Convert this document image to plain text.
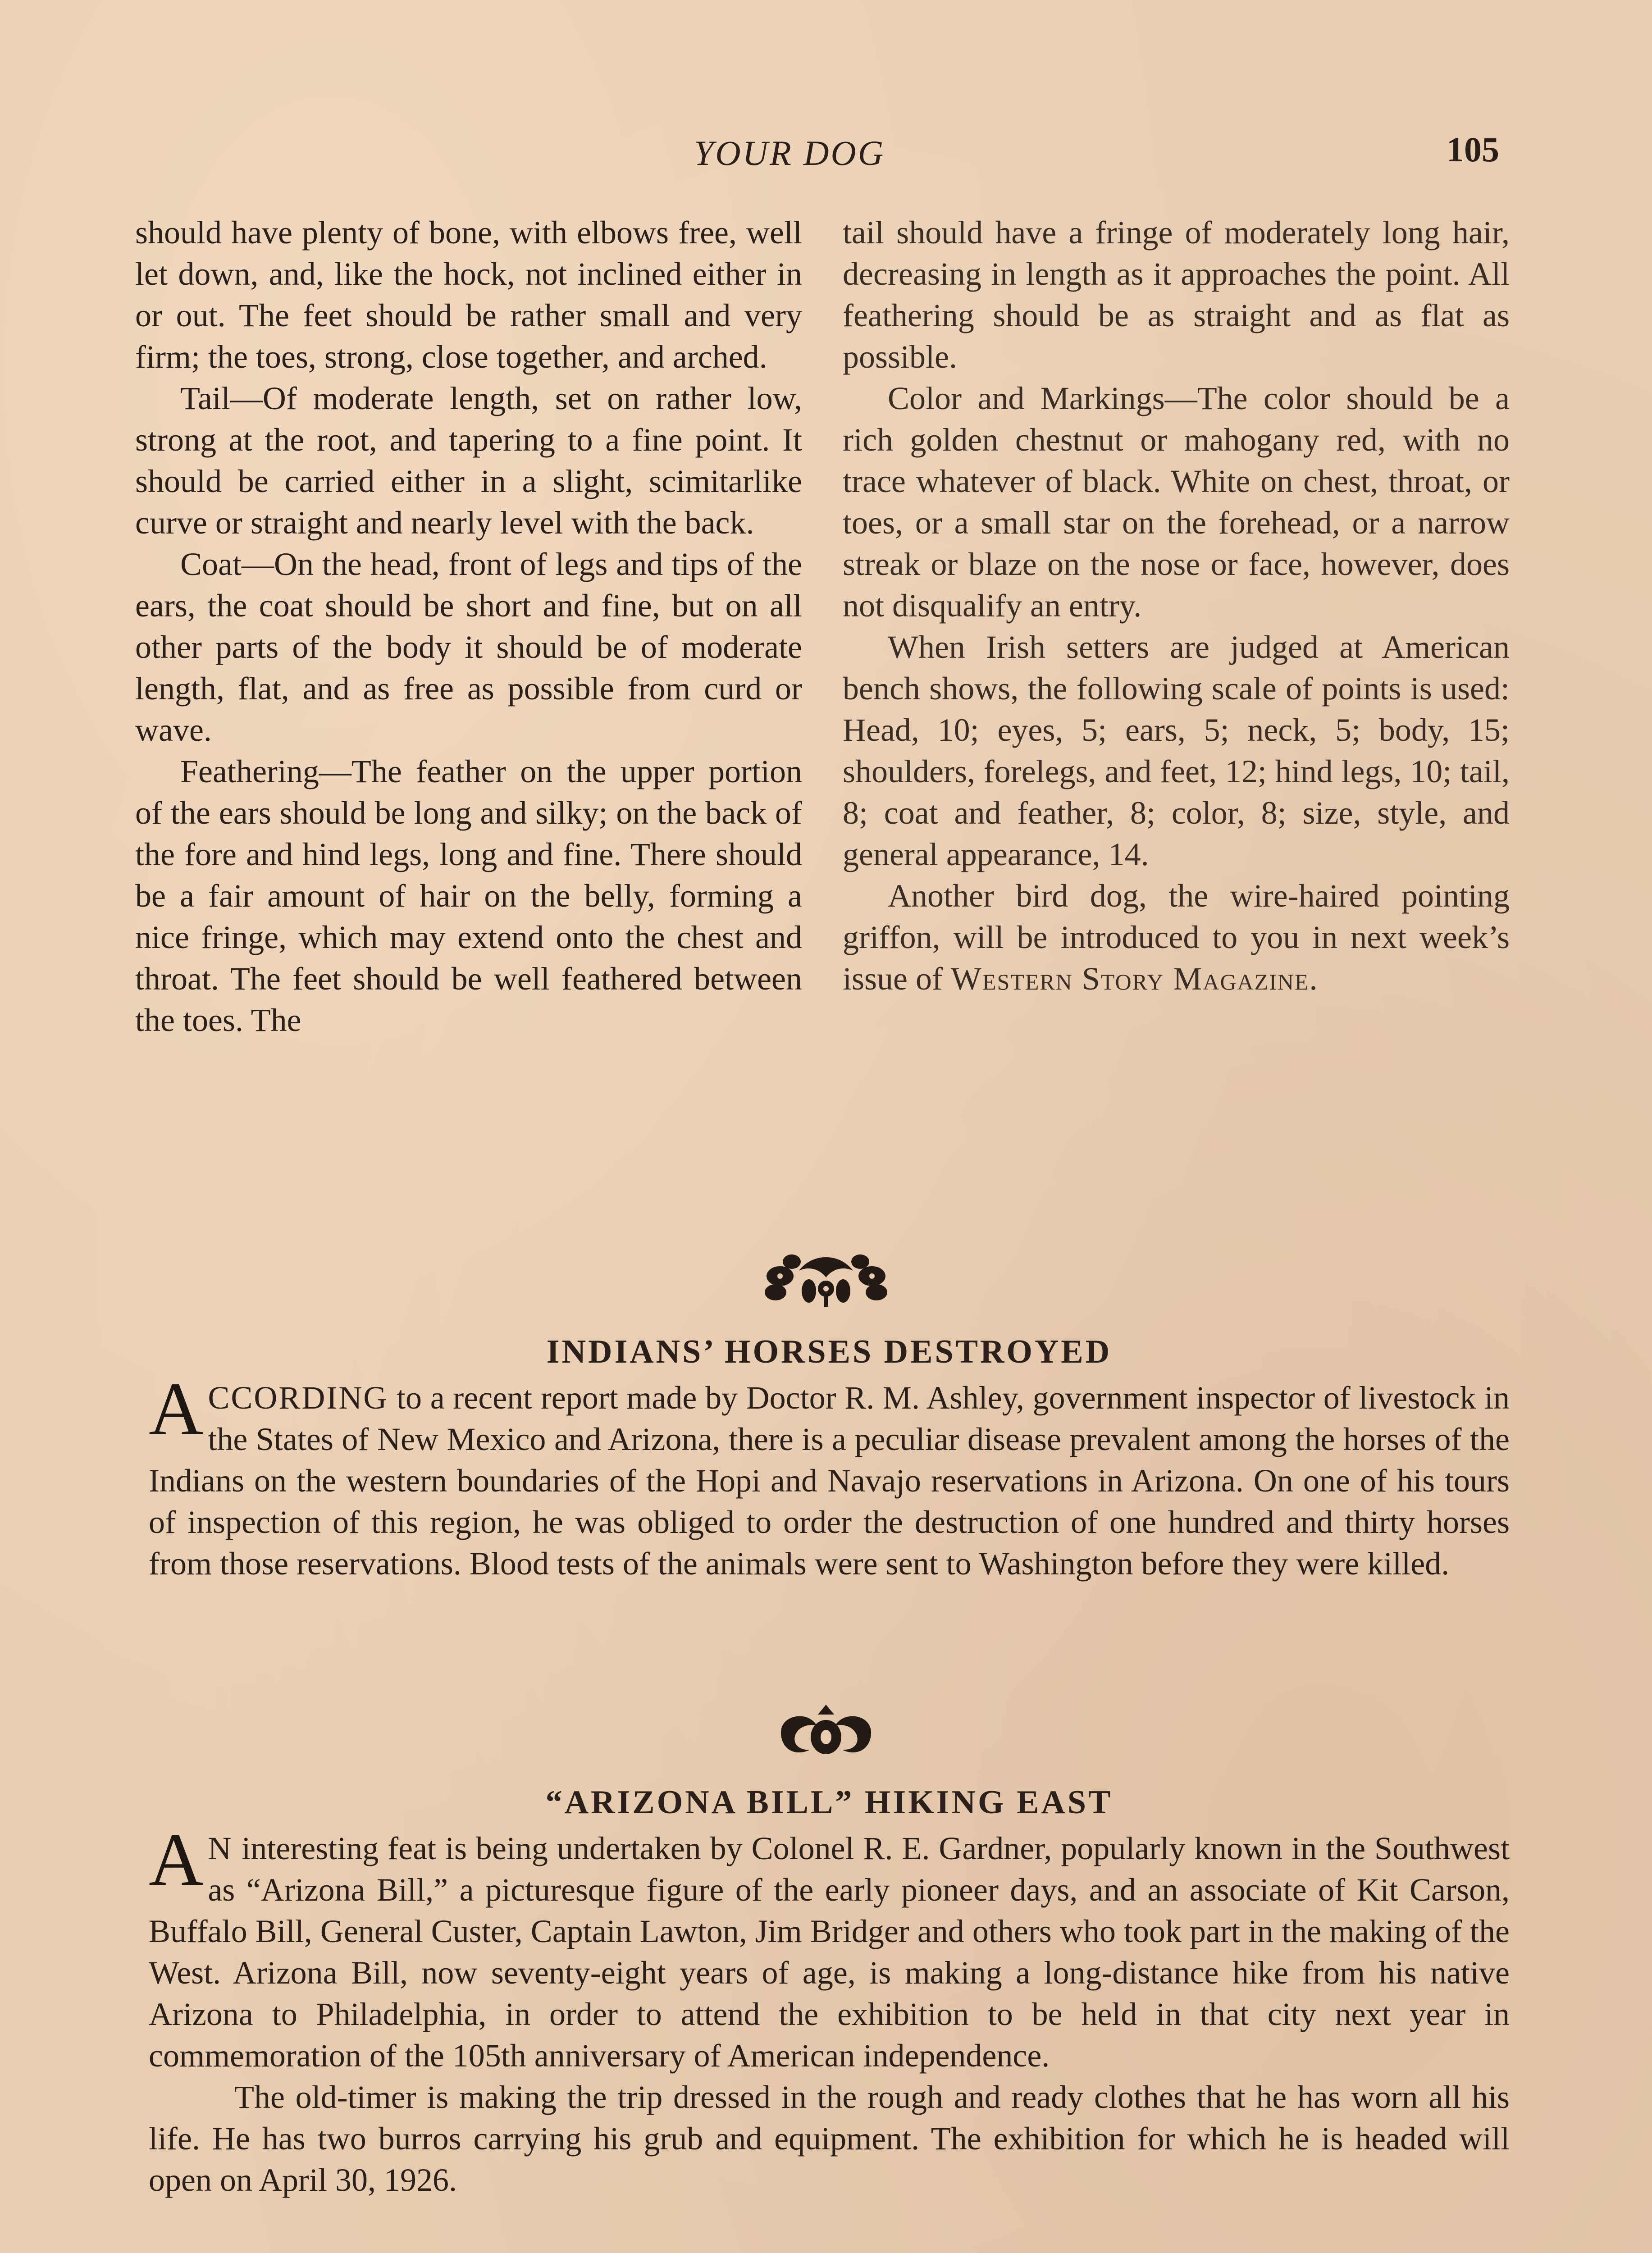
YOUR DOG	105

should have plenty of bone, with elbows free, well let down, and, like the hock, not inclined either in or out. The feet should be rather small and very firm; the toes, strong, close together, and arched.

Tail—Of moderate length, set on rather low, strong at the root, and tapering to a fine point. It should be carried either in a slight, scimitarlike curve or straight and nearly level with the back.

Coat—On the head, front of legs and tips of the ears, the coat should be short and fine, but on all other parts of the body it should be of moderate length, flat, and as free as possible from curd or wave.

Feathering—The feather on the upper portion of the ears should be long and silky; on the back of the fore and hind legs, long and fine. There should be a fair amount of hair on the belly, forming a nice fringe, which may extend onto the chest and throat. The feet should be well feathered between the toes. The

tail should have a fringe of moderately long hair, decreasing in length as it approaches the point. All feathering should be as straight and as flat as possible.

Color and Markings—The color should be a rich golden chestnut or mahogany red, with no trace whatever of black. White on chest, throat, or toes, or a small star on the forehead, or a narrow streak or blaze on the nose or face, however, does not disqualify an entry.

When Irish setters are judged at American bench shows, the following scale of points is used: Head, 10; eyes, 5; ears, 5; neck, 5; body, 15; shoulders, forelegs, and feet, 12; hind legs, 10; tail, 8; coat and feather, 8; color, 8; size, style, and general appearance, 14.

Another bird dog, the wire-haired pointing griffon, will be introduced to you in next week’s issue of Western Story Magazine.

INDIANS’ HORSES DESTROYED

ACCORDING to a recent report made by Doctor R. M. Ashley, government inspector of livestock in the States of New Mexico and Arizona, there is a peculiar disease prevalent among the horses of the Indians on the western boundaries of the Hopi and Navajo reservations in Arizona. On one of his tours of inspection of this region, he was obliged to order the destruction of one hundred and thirty horses from those reservations. Blood tests of the animals were sent to Washington before they were killed.

“ARIZONA BILL” HIKING EAST

A N interesting feat is being undertaken by Colonel R. E. Gardner, popularly known in the Southwest as “Arizona Bill,” a picturesque figure of the early pioneer days, and an associate of Kit Carson, Buffalo Bill, General Custer, Captain Lawton, Jim Bridger and others who took part in the making of the West. Arizona Bill, now seventy-eight years of age, is making a long-distance hike from his native Arizona to Philadelphia, in order to attend the exhibition to be held in that city next year in commemoration of the 105th anniversary of American independence.

The old-timer is making the trip dressed in the rough and ready clothes that he has worn all his life. He has two burros carrying his grub and equipment. The exhibition for which he is headed will open on April 30, 1926.
